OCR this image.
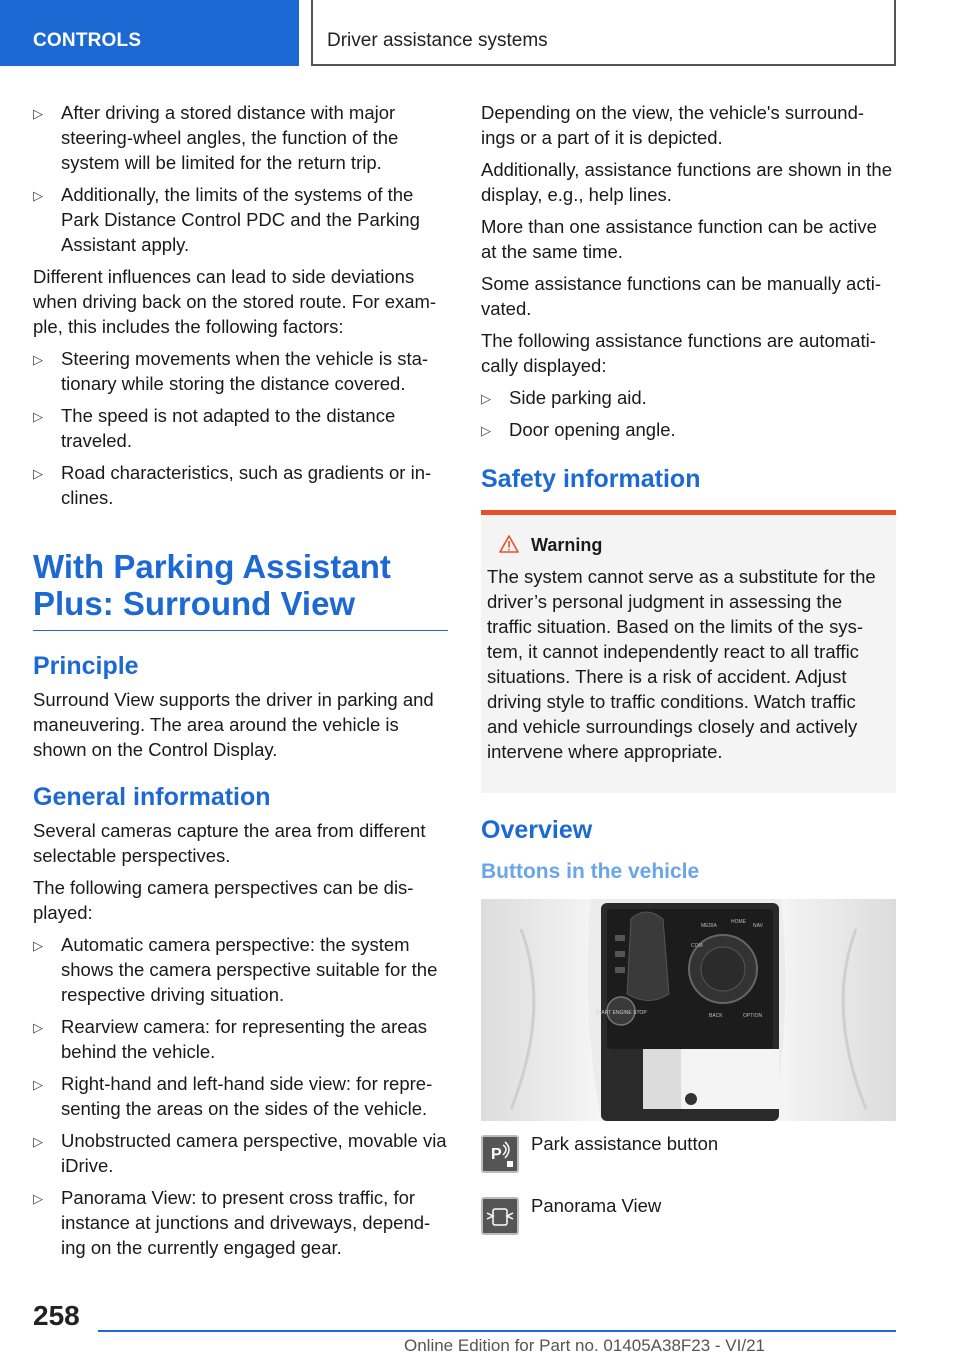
CONTROLS	Driver assistance systems
▷ After driving a stored distance with major steering-wheel angles, the function of the system will be limited for the return trip.
▷ Additionally, the limits of the systems of the Park Distance Control PDC and the Parking Assistant apply.

Different influences can lead to side deviations when driving back on the stored route. For exam-ple, this includes the following factors:

▷ Steering movements when the vehicle is sta-tionary while storing the distance covered.
▷ The speed is not adapted to the distance traveled.
▷ Road characteristics, such as gradients or in-clines.
With Parking Assistant Plus: Surround View
Principle

Surround View supports the driver in parking and maneuvering. The area around the vehicle is shown on the Control Display.

General information

Several cameras capture the area from different selectable perspectives.

The following camera perspectives can be dis-played:

▷ Automatic camera perspective: the system shows the camera perspective suitable for the respective driving situation.
▷ Rearview camera: for representing the areas behind the vehicle.
▷ Right-hand and left-hand side view: for repre-senting the areas on the sides of the vehicle.
▷ Unobstructed camera perspective, movable via iDrive.
▷ Panorama View: to present cross traffic, for instance at junctions and driveways, depend-ing on the currently engaged gear.

Depending on the view, the vehicle's surround-ings or a part of it is depicted.

Additionally, assistance functions are shown in the display, e.g., help lines.

More than one assistance function can be active at the same time.

Some assistance functions can be manually acti-vated.

The following assistance functions are automati-cally displayed:

▷ Side parking aid.
▷ Door opening angle.
Safety information
Warning

The system cannot serve as a substitute for the driver’s personal judgment in assessing the traffic situation. Based on the limits of the sys-tem, it cannot independently react to all traffic situations. There is a risk of accident. Adjust driving style to traffic conditions. Watch traffic and vehicle surroundings closely and actively intervene where appropriate.

Overview
Buttons in the vehicle
START ENGINE STOP
MEDIA
HOME
NAV
COM
BACK	OPTION
P
Park assistance button
Panorama View
258
Online Edition for Part no. 01405A38F23 - VI/21
